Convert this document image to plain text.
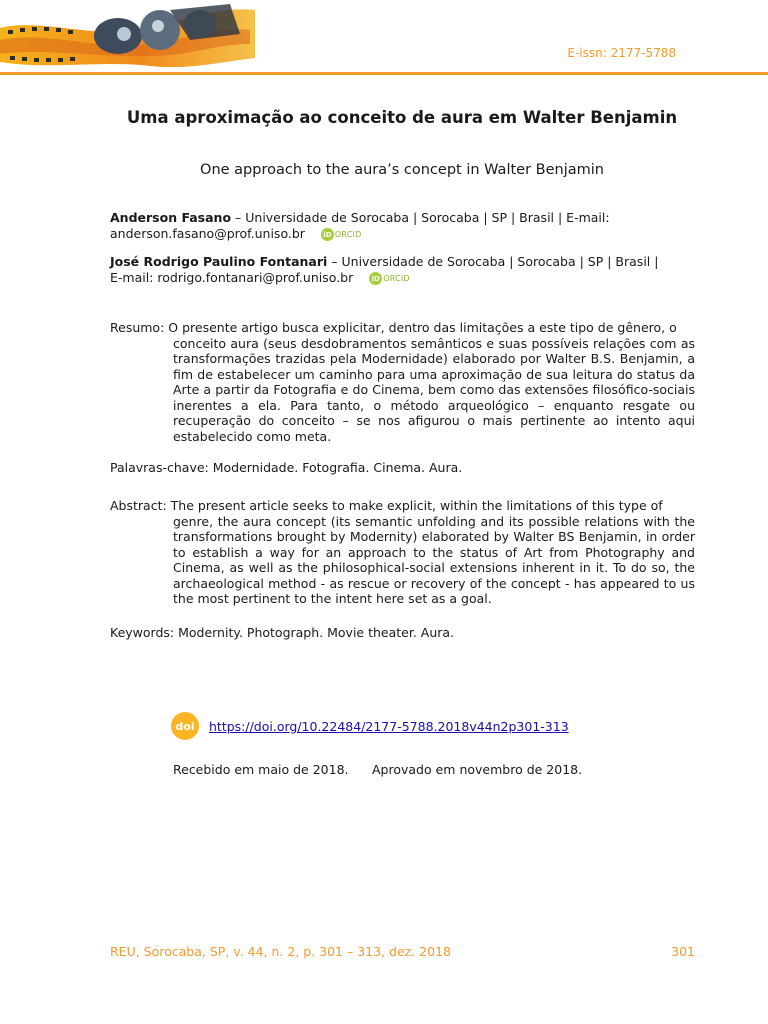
E-issn: 2177-5788
Uma aproximação ao conceito de aura em Walter Benjamin
One approach to the aura’s concept in Walter Benjamin
Anderson Fasano – Universidade de Sorocaba | Sorocaba | SP | Brasil | E-mail:
anderson.fasano@prof.uniso.br	iD ORCID
José Rodrigo Paulino Fontanari – Universidade de Sorocaba | Sorocaba | SP | Brasil |
E-mail: rodrigo.fontanari@prof.uniso.br	iD ORCID
Resumo: O presente artigo busca explicitar, dentro das limitações a este tipo de gênero, o
conceito aura (seus desdobramentos semânticos e suas possíveis relações com as transformações trazidas pela Modernidade) elaborado por Walter B.S. Benjamin, a fim de estabelecer um caminho para uma aproximação de sua leitura do status da Arte a partir da Fotografia e do Cinema, bem como das extensões filosófico-sociais inerentes a ela. Para tanto, o método arqueológico – enquanto resgate ou recuperação do conceito – se nos afigurou o mais pertinente ao intento aqui estabelecido como meta.
Palavras-chave: Modernidade. Fotografia. Cinema. Aura.
Abstract: The present article seeks to make explicit, within the limitations of this type of
genre, the aura concept (its semantic unfolding and its possible relations with the transformations brought by Modernity) elaborated by Walter BS Benjamin, in order to establish a way for an approach to the status of Art from Photography and Cinema, as well as the philosophical-social extensions inherent in it. To do so, the archaeological method - as rescue or recovery of the concept - has appeared to us the most pertinent to the intent here set as a goal.
Keywords: Modernity. Photograph. Movie theater. Aura.
doi https://doi.org/10.22484/2177-5788.2018v44n2p301-313
Recebido em maio de 2018. Aprovado em novembro de 2018.
REU, Sorocaba, SP, v. 44, n. 2, p. 301 – 313, dez. 2018	301
